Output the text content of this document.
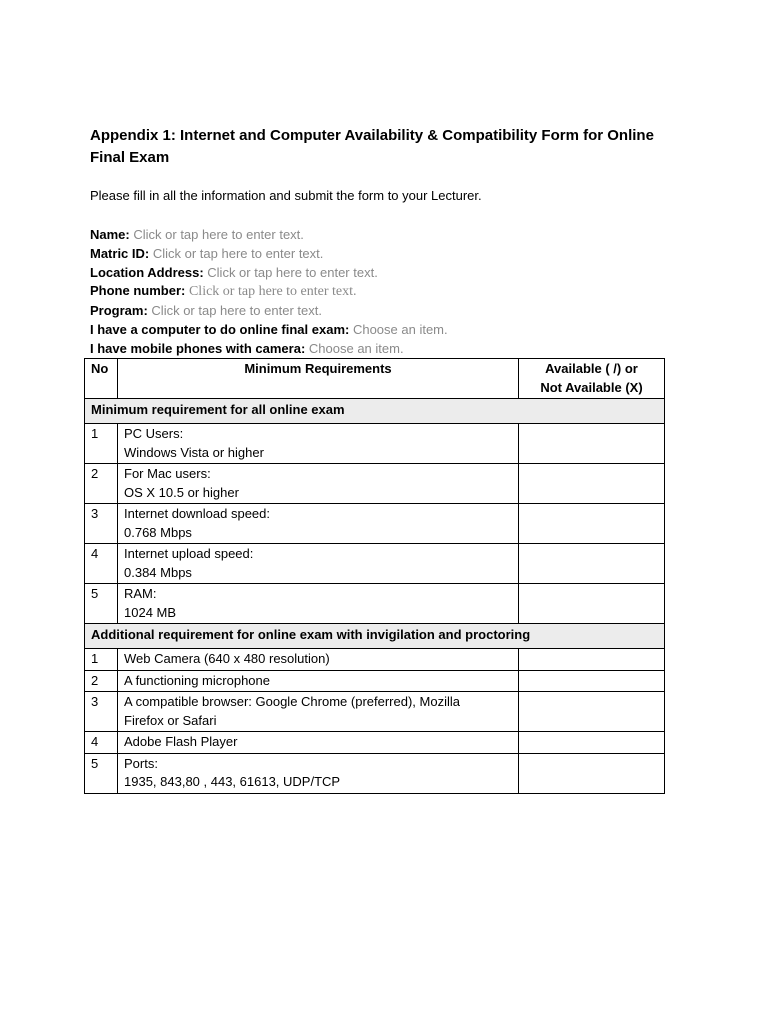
Appendix 1: Internet and Computer Availability & Compatibility Form for Online
Final Exam
Please fill in all the information and submit the form to your Lecturer.
Name: Click or tap here to enter text.
Matric ID: Click or tap here to enter text.
Location Address: Click or tap here to enter text.
Phone number: Click or tap here to enter text.
Program: Click or tap here to enter text.
I have a computer to do online final exam: Choose an item.
I have mobile phones with camera: Choose an item.
No	Minimum Requirements	Available ( /) or
Not Available (X)

Minimum requirement for all online exam		
1	PC Users:
Windows Vista or higher	

2	For Mac users:
OS X 10.5 or higher	

3	Internet download speed:
0.768 Mbps	

4	Internet upload speed:
0.384 Mbps	

5	RAM:
1024 MB	

Additional requirement for online exam with invigilation and proctoring		
1	Web Camera (640 x 480 resolution)	

2	A functioning microphone	

3	A compatible browser: Google Chrome (preferred), Mozilla
Firefox or Safari	

4	Adobe Flash Player	

5	Ports:
1935, 843,80 , 443, 61613, UDP/TCP	
